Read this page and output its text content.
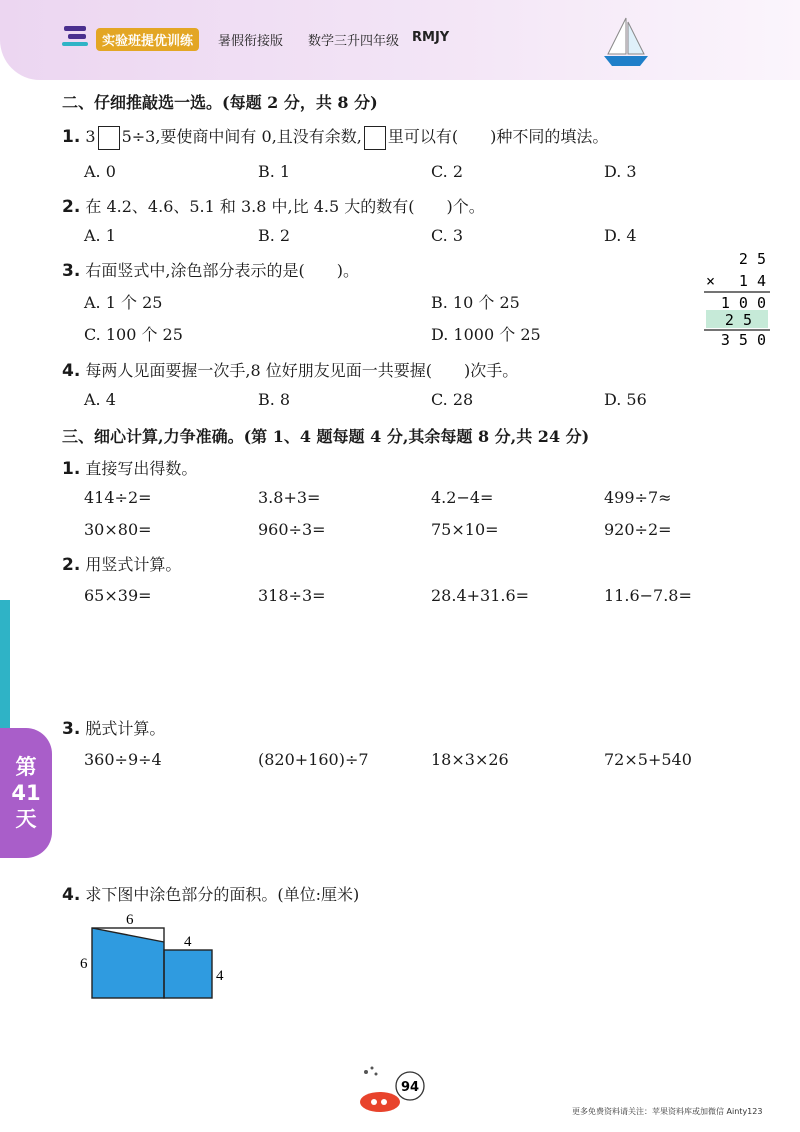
实验班提优训练	暑假衔接版 数学三升四年级 RMJY
第
41
天
二、仔细推敲选一选。(每题 2 分，共 8 分)
1. 3 5÷3,要使商中间有 0,且没有余数, 里可以有(　　)种不同的填法。
A. 0	B. 1	C. 2	D. 3
2. 在 4.2、4.6、5.1 和 3.8 中,比 4.5 大的数有(　　)个。
A. 1	B. 2	C. 3	D. 4
3. 右面竖式中,涂色部分表示的是(　　)。
A. 1 个 25	B. 10 个 25
C. 100 个 25	D. 1000 个 25
2 5
× 1 4
1 0 0
2 5
3 5 0
4. 每两人见面要握一次手,8 位好朋友见面一共要握(　　)次手。
A. 4	B. 8	C. 28	D. 56
三、细心计算,力争准确。(第 1、4 题每题 4 分,其余每题 8 分,共 24 分)
1. 直接写出得数。
414÷2=	3.8+3=	4.2−4=	499÷7≈
30×80=	960÷3=	75×10=	920÷2=
2. 用竖式计算。
65×39=	318÷3=	28.4+31.6=	11.6−7.8=
3. 脱式计算。
360÷9÷4	(820+160)÷7	18×3×26	72×5+540
4. 求下图中涂色部分的面积。(单位:厘米)
6
6
4
4
94
更多免费资料请关注：苹果资料库或加微信 Ainty123
